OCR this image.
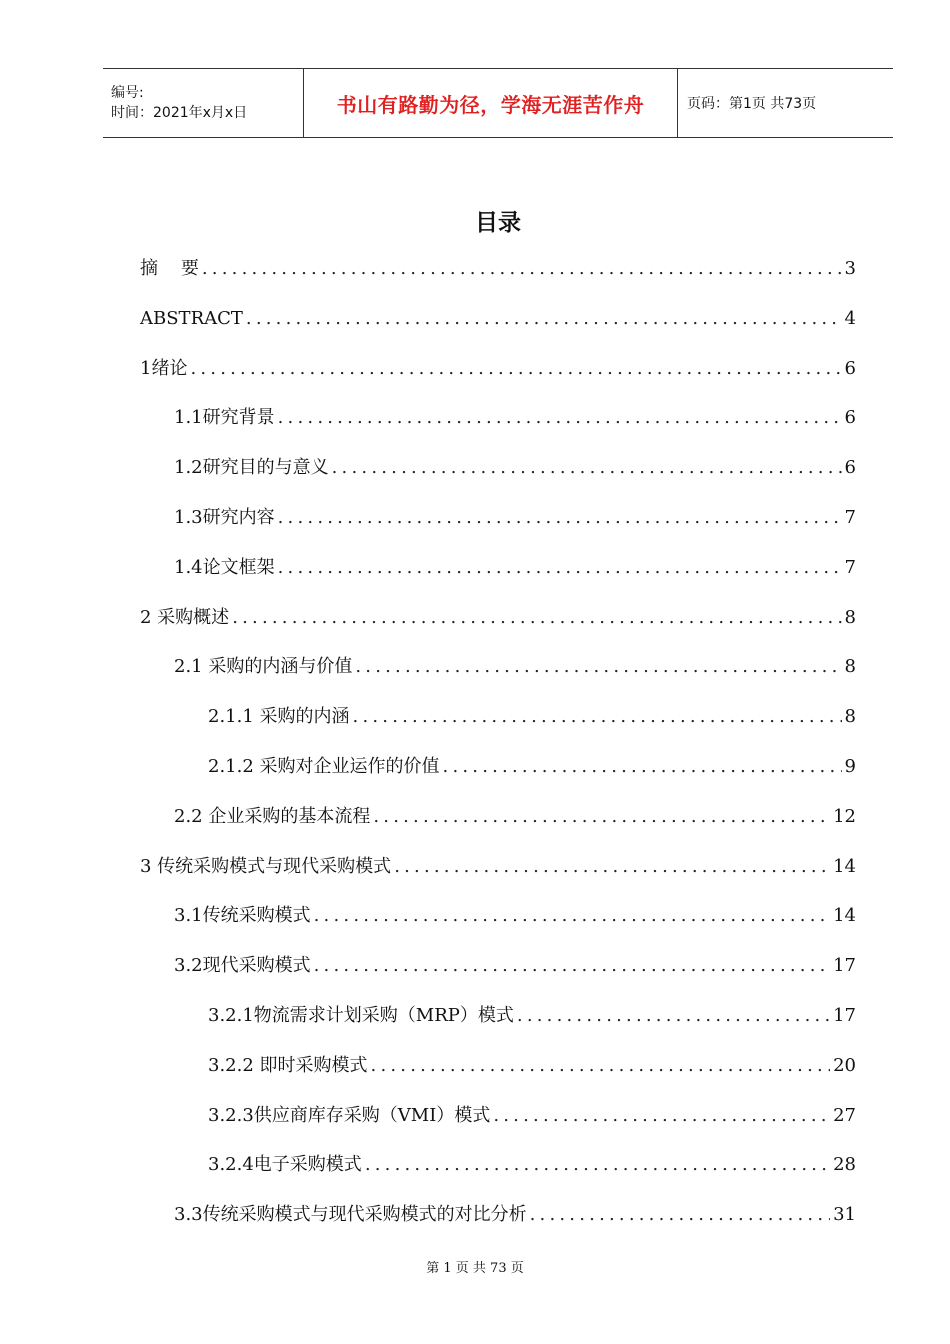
编号:
时间：2021年x月x日	书山有路勤为径，学海无涯苦作舟	页码：第1页 共73页
目录
摘    要 .....	3
ABSTRACT .....	4
1绪论 .....	6
1.1研究背景 .....	6
1.2研究目的与意义 .....	6
1.3研究内容 .....	7
1.4论文框架 .....	7
2 采购概述 .....	8
2.1 采购的内涵与价值 .....	8
2.1.1 采购的内涵 .....	8
2.1.2 采购对企业运作的价值 .....	9
2.2 企业采购的基本流程 .....	12
3 传统采购模式与现代采购模式 .....	14
3.1传统采购模式 .....	14
3.2现代采购模式 .....	17
3.2.1物流需求计划采购（MRP）模式 .....	17
3.2.2 即时采购模式 .....	20
3.2.3供应商库存采购（VMI）模式 .....	27
3.2.4电子采购模式 .....	28
3.3传统采购模式与现代采购模式的对比分析 .....	31
第 1 页 共 73 页
